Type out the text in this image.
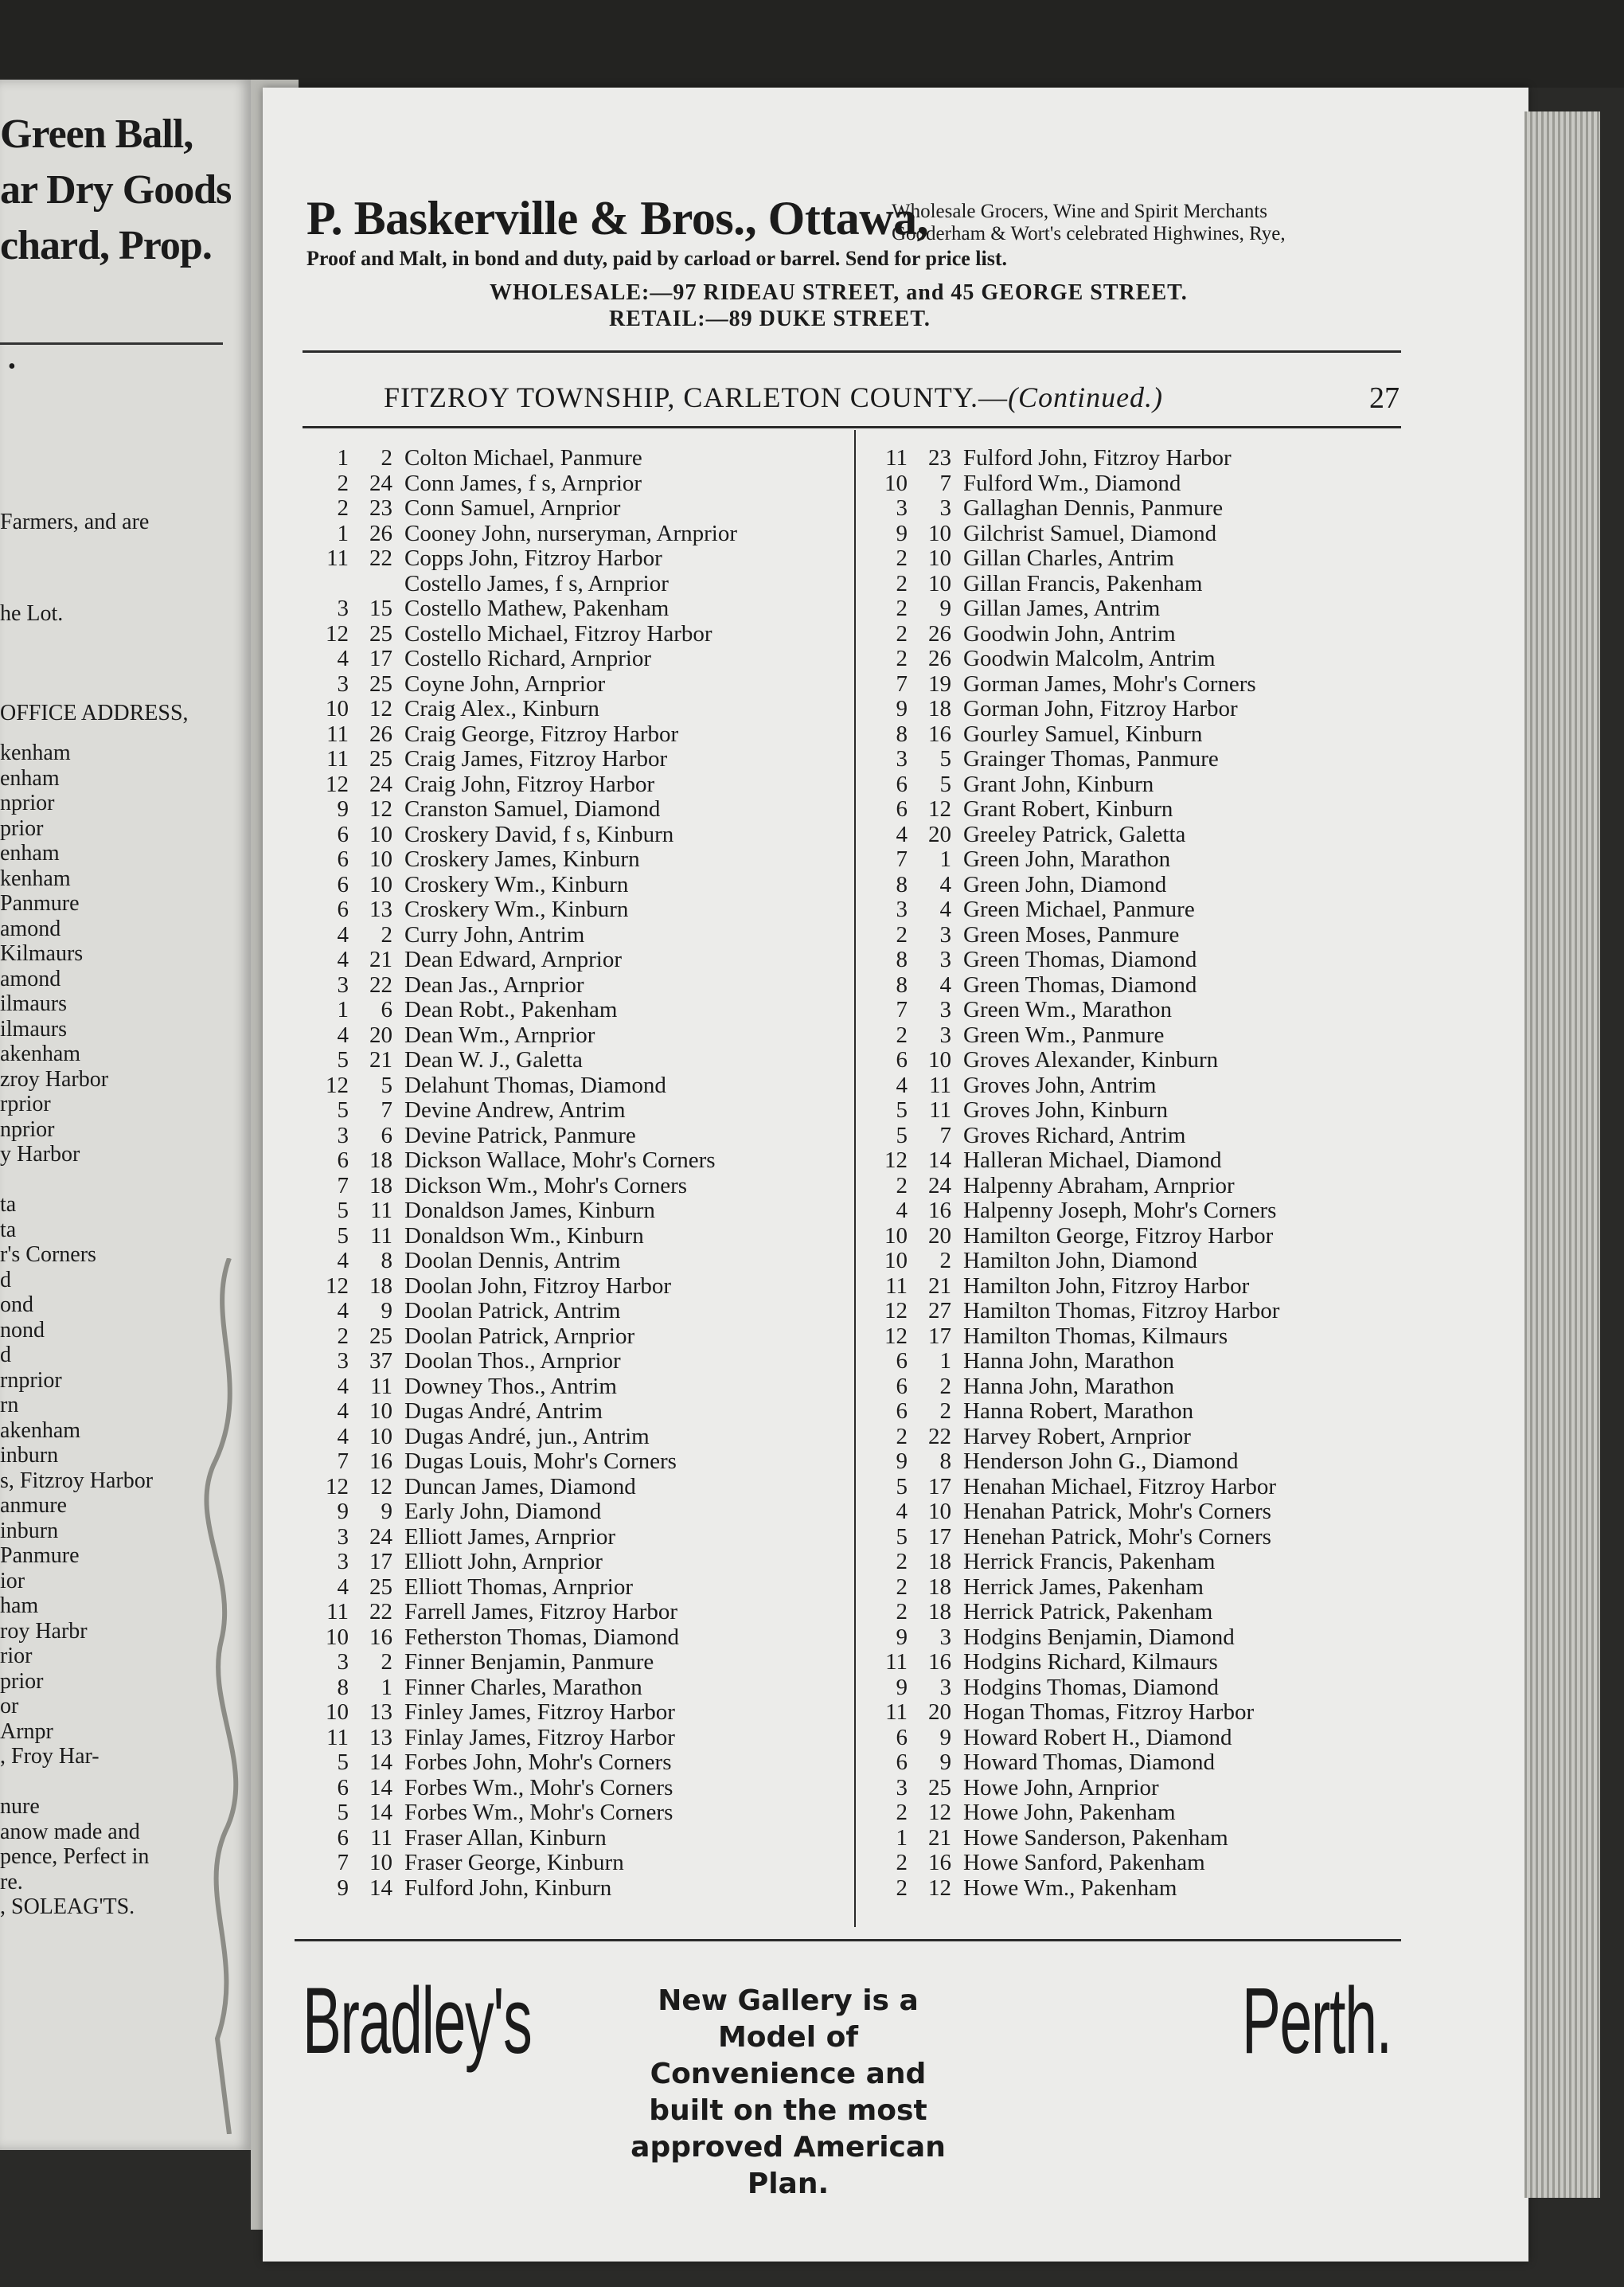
Green Ball,
ar Dry Goods
chard, Prop.
•
Farmers, and are
he Lot.
OFFICE ADDRESS,
kenham
enham
nprior
prior
enham
kenham
Panmure
amond
Kilmaurs
amond
ilmaurs
ilmaurs
akenham
zroy Harbor
rprior
nprior
y Harbor
ta
ta
r's Corners
d
ond
nond
d
rnprior
rn
akenham
inburn
s, Fitzroy Harbor
anmure
inburn
Panmure
ior
ham
roy Harbr
rior
prior
or
Arnpr
, Froy Har-
nure
anow made and
pence, Perfect in
re.
, SOLEAG'TS.
P. Baskerville & Bros., Ottawa,
Wholesale Grocers, Wine and Spirit Merchants
Gooderham & Wort's celebrated Highwines, Rye,
Proof and Malt, in bond and duty, paid by carload or barrel. Send for price list.
WHOLESALE:—97 RIDEAU STREET, and 45 GEORGE STREET.
RETAIL:—89 DUKE STREET.
FITZROY TOWNSHIP, CARLETON COUNTY.—(Continued.)	27
1	2 Colton Michael, Panmure
2 24 Conn James, f s, Arnprior
2 23 Conn Samuel, Arnprior
1 26 Cooney John, nurseryman, Arnprior
11 22 Copps John, Fitzroy Harbor
Costello James, f s, Arnprior
3 15 Costello Mathew, Pakenham
12 25 Costello Michael, Fitzroy Harbor
4 17 Costello Richard, Arnprior
3 25 Coyne John, Arnprior
10 12 Craig Alex., Kinburn
11 26 Craig George, Fitzroy Harbor
11 25 Craig James, Fitzroy Harbor
12 24 Craig John, Fitzroy Harbor
9 12 Cranston Samuel, Diamond
6 10 Croskery David, f s, Kinburn
6 10 Croskery James, Kinburn
6 10 Croskery Wm., Kinburn
6 13 Croskery Wm., Kinburn
4	2 Curry John, Antrim
4 21 Dean Edward, Arnprior
3 22 Dean Jas., Arnprior
1	6 Dean Robt., Pakenham
4 20 Dean Wm., Arnprior
5 21 Dean W. J., Galetta
12	5 Delahunt Thomas, Diamond
5	7 Devine Andrew, Antrim
3	6 Devine Patrick, Panmure
6 18 Dickson Wallace, Mohr's Corners
7 18 Dickson Wm., Mohr's Corners
5 11 Donaldson James, Kinburn
5 11 Donaldson Wm., Kinburn
4	8 Doolan Dennis, Antrim
12 18 Doolan John, Fitzroy Harbor
4	9 Doolan Patrick, Antrim
2 25 Doolan Patrick, Arnprior
3 37 Doolan Thos., Arnprior
4 11 Downey Thos., Antrim
4 10 Dugas André, Antrim
4 10 Dugas André, jun., Antrim
7 16 Dugas Louis, Mohr's Corners
12 12 Duncan James, Diamond
9	9 Early John, Diamond
3 24 Elliott James, Arnprior
3 17 Elliott John, Arnprior
4 25 Elliott Thomas, Arnprior
11 22 Farrell James, Fitzroy Harbor
10 16 Fetherston Thomas, Diamond
3	2 Finner Benjamin, Panmure
8	1 Finner Charles, Marathon
10 13 Finley James, Fitzroy Harbor
11 13 Finlay James, Fitzroy Harbor
5 14 Forbes John, Mohr's Corners
6 14 Forbes Wm., Mohr's Corners
5 14 Forbes Wm., Mohr's Corners
6 11 Fraser Allan, Kinburn
7 10 Fraser George, Kinburn
9 14 Fulford John, Kinburn
11 23 Fulford John, Fitzroy Harbor
10	7 Fulford Wm., Diamond
3	3 Gallaghan Dennis, Panmure
9 10 Gilchrist Samuel, Diamond
2 10 Gillan Charles, Antrim
2 10 Gillan Francis, Pakenham
2	9 Gillan James, Antrim
2 26 Goodwin John, Antrim
2 26 Goodwin Malcolm, Antrim
7 19 Gorman James, Mohr's Corners
9 18 Gorman John, Fitzroy Harbor
8 16 Gourley Samuel, Kinburn
3	5 Grainger Thomas, Panmure
6	5 Grant John, Kinburn
6 12 Grant Robert, Kinburn
4 20 Greeley Patrick, Galetta
7	1 Green John, Marathon
8	4 Green John, Diamond
3	4 Green Michael, Panmure
2	3 Green Moses, Panmure
8	3 Green Thomas, Diamond
8	4 Green Thomas, Diamond
7	3 Green Wm., Marathon
2	3 Green Wm., Panmure
6 10 Groves Alexander, Kinburn
4 11 Groves John, Antrim
5 11 Groves John, Kinburn
5	7 Groves Richard, Antrim
12 14 Halleran Michael, Diamond
2 24 Halpenny Abraham, Arnprior
4 16 Halpenny Joseph, Mohr's Corners
10 20 Hamilton George, Fitzroy Harbor
10	2 Hamilton John, Diamond
11 21 Hamilton John, Fitzroy Harbor
12 27 Hamilton Thomas, Fitzroy Harbor
12 17 Hamilton Thomas, Kilmaurs
6	1 Hanna John, Marathon
6	2 Hanna John, Marathon
6	2 Hanna Robert, Marathon
2 22 Harvey Robert, Arnprior
9	8 Henderson John G., Diamond
5 17 Henahan Michael, Fitzroy Harbor
4 10 Henahan Patrick, Mohr's Corners
5 17 Henehan Patrick, Mohr's Corners
2 18 Herrick Francis, Pakenham
2 18 Herrick James, Pakenham
2 18 Herrick Patrick, Pakenham
9	3 Hodgins Benjamin, Diamond
11 16 Hodgins Richard, Kilmaurs
9	3 Hodgins Thomas, Diamond
11 20 Hogan Thomas, Fitzroy Harbor
6	9 Howard Robert H., Diamond
6	9 Howard Thomas, Diamond
3 25 Howe John, Arnprior
2 12 Howe John, Pakenham
1 21 Howe Sanderson, Pakenham
2 16 Howe Sanford, Pakenham
2 12 Howe Wm., Pakenham
Bradley's	New Gallery is a Model of Convenience and built on the most approved American Plan.
Perth.
